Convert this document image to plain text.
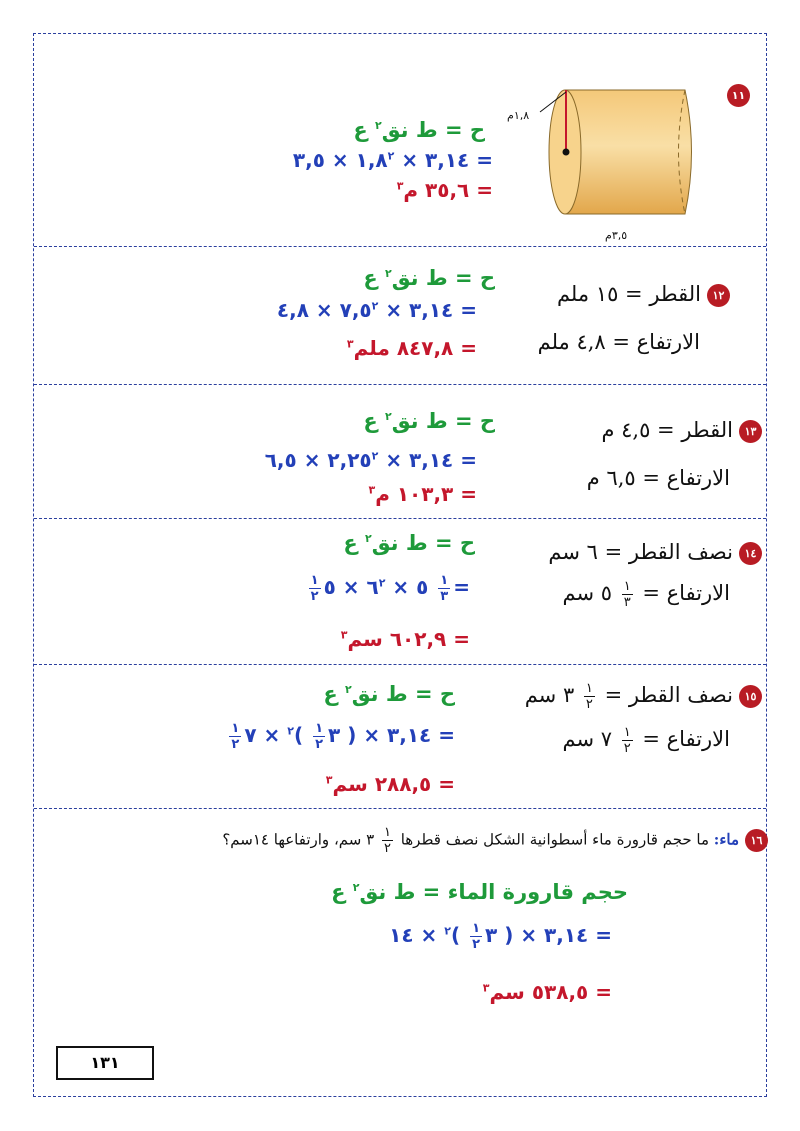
١١
١,٨م
٣,٥م
ح = ط نق$^٢$ ع
= ٣,١٤ × $١,٨^٢$ × ٣,٥
= ٣٥,٦ م$^٣$
١٢القطر = ١٥ ملم
الارتفاع = ٤,٨ ملم
ح = ط نق$^٢$ ع
= ٣,١٤ × $٧,٥^٢$ × ٤,٨
= ٨٤٧,٨ ملم$^٣$
١٣القطر = ٤,٥ م
الارتفاع = ٦,٥ م
ح = ط نق$^٢$ ع
= ٣,١٤ × $٢,٢٥^٢$ × ٦,٥
= ١٠٣,٣ م$^٣$
١٤نصف القطر = ٦ سم
الارتفاع =
$\frac{١}{٣}$
٥ سم
ح = ط نق$^٢$ ع
=
$\frac{١}{٣}$
٥ × $٦^٢$ × ٥
$\frac{١}{٢}$
= ٦٠٢,٩ سم$^٣$
١٥نصف القطر =
$\frac{١}{٢}$
٣ سم
الارتفاع =
$\frac{١}{٢}$
٧ سم
ح = ط نق$^٢$ ع
= ٣,١٤ × ( ٣
$\frac{١}{٢}$
)$^٢$ × ٧
$\frac{١}{٢}$
= ٢٨٨,٥ سم$^٣$
١٦ماء: ما حجم قارورة ماء أسطوانية الشكل نصف قطرها
$\frac{١}{٢}$
٣ سم، وارتفاعها ١٤سم؟
حجم قارورة الماء = ط نق$^٢$ ع
= ٣,١٤ × ( ٣
$\frac{١}{٢}$
)$^٢$ × ١٤
= ٥٣٨,٥ سم$^٣$
١٣١
